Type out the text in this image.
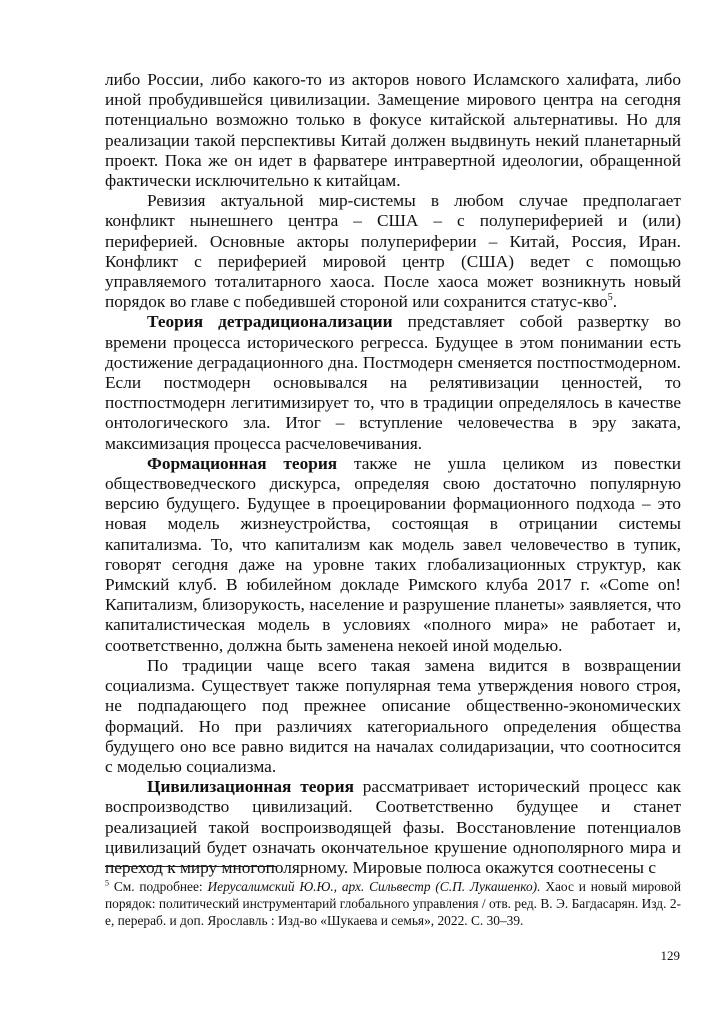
либо России, либо какого-то из акторов нового Исламского халифата, либо иной пробудившейся цивилизации. Замещение мирового центра на сегодня потенциально возможно только в фокусе китайской альтернативы. Но для реализации такой перспективы Китай должен выдвинуть некий планетарный проект. Пока же он идет в фарватере интравертной идеологии, обращенной фактически исключительно к китайцам.

Ревизия актуальной мир-системы в любом случае предполагает конфликт нынешнего центра – США – с полупериферией и (или) периферией. Основные акторы полупериферии – Китай, Россия, Иран. Конфликт с периферией мировой центр (США) ведет с помощью управляемого тоталитарного хаоса. После хаоса может возникнуть новый порядок во главе с победившей стороной или сохранится статус-кво$^5$.

Теория детрадиционализации представляет собой развертку во времени процесса исторического регресса. Будущее в этом понимании есть достижение деградационного дна. Постмодерн сменяется постпостмодерном. Если постмодерн основывался на релятивизации ценностей, то постпостмодерн легитимизирует то, что в традиции определялось в качестве онтологического зла. Итог – вступление человечества в эру заката, максимизация процесса расчеловечивания.

Формационная теория также не ушла целиком из повестки обществоведческого дискурса, определяя свою достаточно популярную версию будущего. Будущее в проецировании формационного подхода – это новая модель жизнеустройства, состоящая в отрицании системы капитализма. То, что капитализм как модель завел человечество в тупик, говорят сегодня даже на уровне таких глобализационных структур, как Римский клуб. В юбилейном докладе Римского клуба 2017 г. «Come on! Капитализм, близорукость, население и разрушение планеты» заявляется, что капиталистическая модель в условиях «полного мира» не работает и, соответственно, должна быть заменена некоей иной моделью.

По традиции чаще всего такая замена видится в возвращении социализма. Существует также популярная тема утверждения нового строя, не подпадающего под прежнее описание общественно-экономических формаций. Но при различиях категориального определения общества будущего оно все равно видится на началах солидаризации, что соотносится с моделью социализма.

Цивилизационная теория рассматривает исторический процесс как воспроизводство цивилизаций. Соответственно будущее и станет реализацией такой воспроизводящей фазы. Восстановление потенциалов цивилизаций будет означать окончательное крушение однополярного мира и переход к миру многополярному. Мировые полюса окажутся соотнесены с

$^5$ См. подробнее: Иерусалимский Ю.Ю., арх. Сильвестр (С.П. Лукашенко). Хаос и новый мировой порядок: политический инструментарий глобального управления / отв. ред. В. Э. Багдасарян. Изд. 2-е, перераб. и доп. Ярославль : Изд-во «Шукаева и семья», 2022. С. 30–39.
129
